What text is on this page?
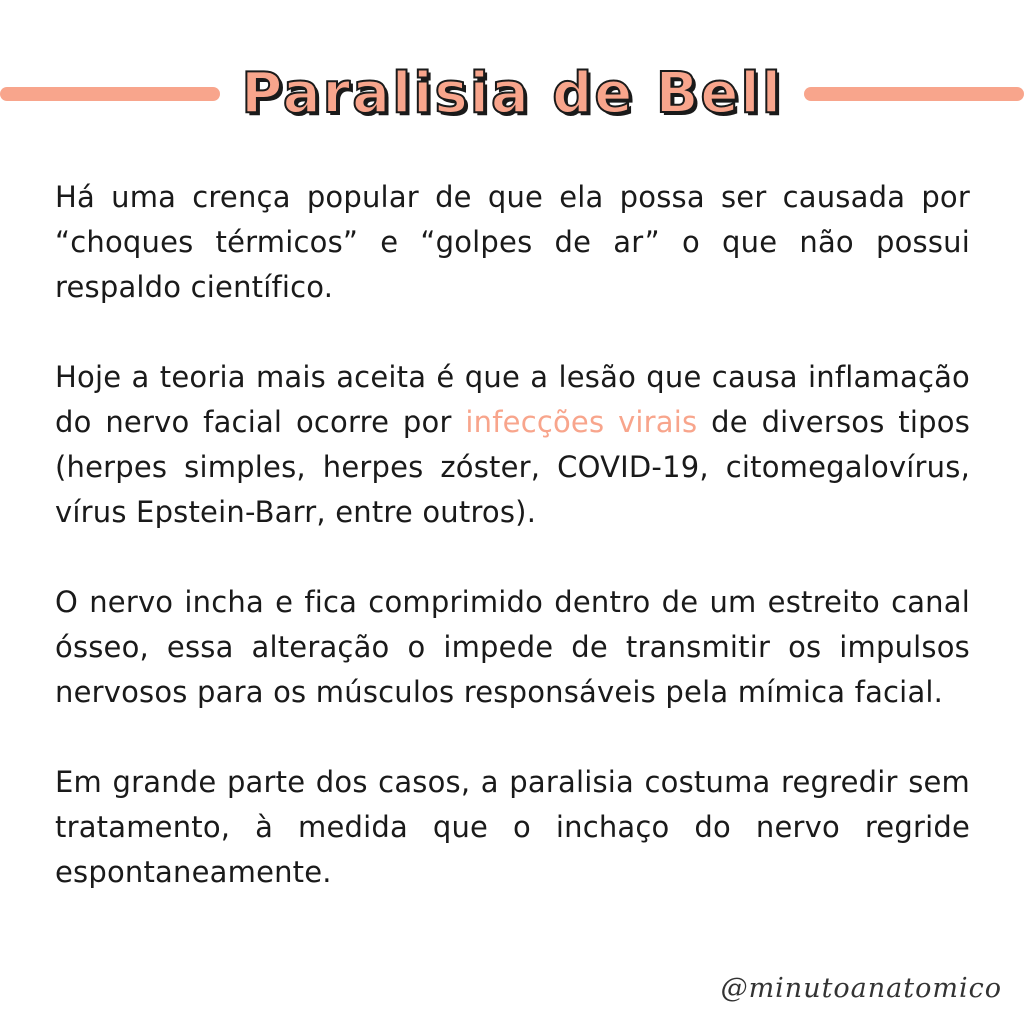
Paralisia de Bell

Há uma crença popular de que ela possa ser causada por “choques térmicos” e “golpes de ar” o que não possui respaldo científico.

Hoje a teoria mais aceita é que a lesão que causa inflamação do nervo facial ocorre por infecções virais de diversos tipos (herpes simples, herpes zóster, COVID-19, citomegalovírus, vírus Epstein-Barr, entre outros).

O nervo incha e fica comprimido dentro de um estreito canal ósseo, essa alteração o impede de transmitir os impulsos nervosos para os músculos responsáveis pela mímica facial.

Em grande parte dos casos, a paralisia costuma regredir sem tratamento, à medida que o inchaço do nervo regride espontaneamente.

@minutoanatomico
